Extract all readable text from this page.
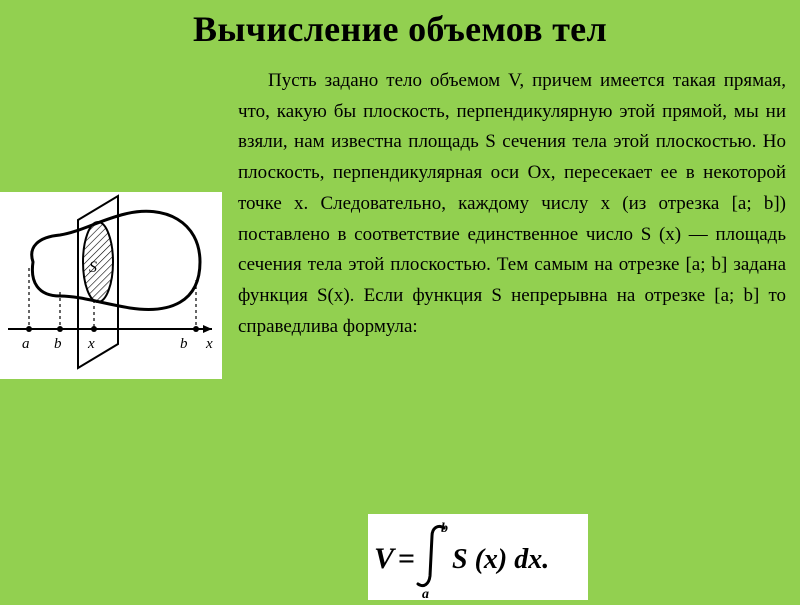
Вычисление объемов тел
S
a b x	b x
Пусть задано тело объемом V, причем имеется такая прямая, что, какую бы плоскость, перпендикулярную этой прямой, мы ни взяли, нам известна площадь S сечения тела этой плоскостью. Но плоскость, перпендикулярная оси Ох, пересекает ее в некоторой точке х. Следовательно, каждому числу х (из отрезка [a; b]) поставлено в соответствие единственное число S (x) — площадь сечения тела этой плоскостью. Тем самым на отрезке [a; b] задана функция S(x). Если функция S непрерывна на отрезке [a; b] то справедлива формула:
V =
b
a
S (x) dx.
